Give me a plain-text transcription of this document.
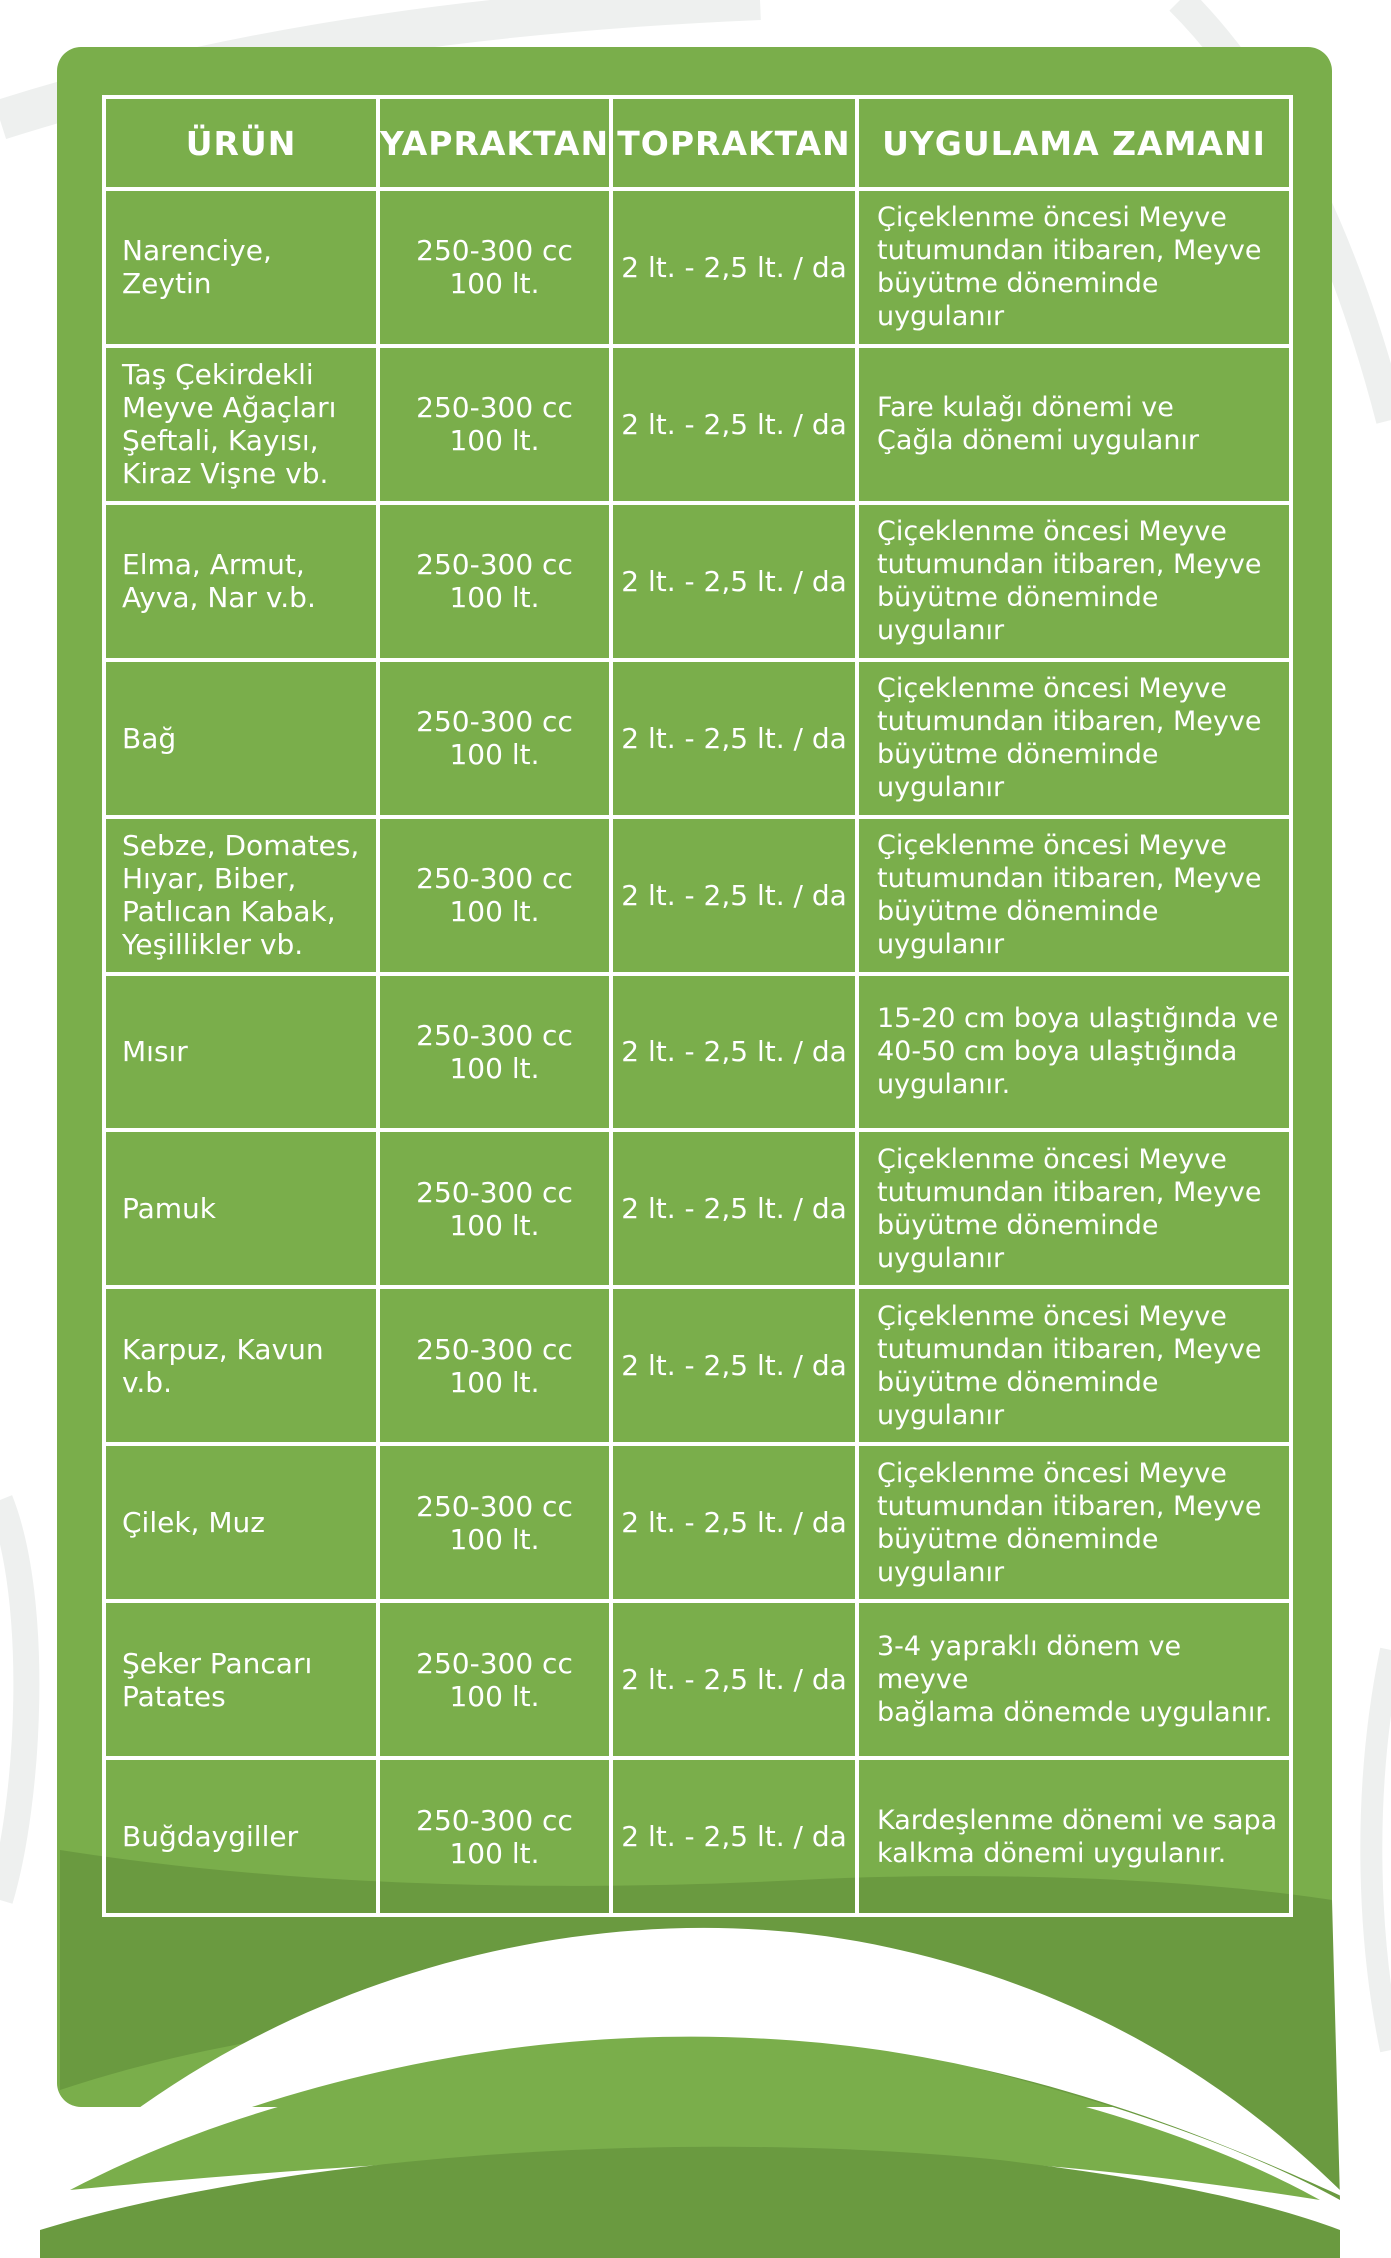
ÜRÜN	YAPRAKTAN	TOPRAKTAN	UYGULAMA ZAMANI

Narenciye, Zeytin	250-300 cc
100 lt.	2 lt. - 2,5 lt. / da	Çiçeklenme öncesi Meyve
tutumundan itibaren, Meyve
büyütme döneminde uygulanır

Taş Çekirdekli
Meyve Ağaçları
Şeftali, Kayısı,
Kiraz Vişne vb.	250-300 cc
100 lt.	2 lt. - 2,5 lt. / da	Fare kulağı dönemi ve
Çağla dönemi uygulanır

Elma, Armut,
Ayva, Nar v.b.	250-300 cc
100 lt.	2 lt. - 2,5 lt. / da	Çiçeklenme öncesi Meyve
tutumundan itibaren, Meyve
büyütme döneminde uygulanır

Bağ	250-300 cc
100 lt.	2 lt. - 2,5 lt. / da	Çiçeklenme öncesi Meyve
tutumundan itibaren, Meyve
büyütme döneminde uygulanır

Sebze, Domates,
Hıyar, Biber,
Patlıcan Kabak,
Yeşillikler vb.	250-300 cc
100 lt.	2 lt. - 2,5 lt. / da	Çiçeklenme öncesi Meyve
tutumundan itibaren, Meyve
büyütme döneminde uygulanır

Mısır	250-300 cc
100 lt.	2 lt. - 2,5 lt. / da	15-20 cm boya ulaştığında ve
40-50 cm boya ulaştığında
uygulanır.

Pamuk	250-300 cc
100 lt.	2 lt. - 2,5 lt. / da	Çiçeklenme öncesi Meyve
tutumundan itibaren, Meyve
büyütme döneminde uygulanır

Karpuz, Kavun
v.b.	250-300 cc
100 lt.	2 lt. - 2,5 lt. / da	Çiçeklenme öncesi Meyve
tutumundan itibaren, Meyve
büyütme döneminde uygulanır

Çilek, Muz	250-300 cc
100 lt.	2 lt. - 2,5 lt. / da	Çiçeklenme öncesi Meyve
tutumundan itibaren, Meyve
büyütme döneminde uygulanır

Şeker Pancarı
Patates	250-300 cc
100 lt.	2 lt. - 2,5 lt. / da	3-4 yapraklı dönem ve meyve
bağlama dönemde uygulanır.

Buğdaygiller	250-300 cc
100 lt.	2 lt. - 2,5 lt. / da	Kardeşlenme dönemi ve sapa
kalkma dönemi uygulanır.
